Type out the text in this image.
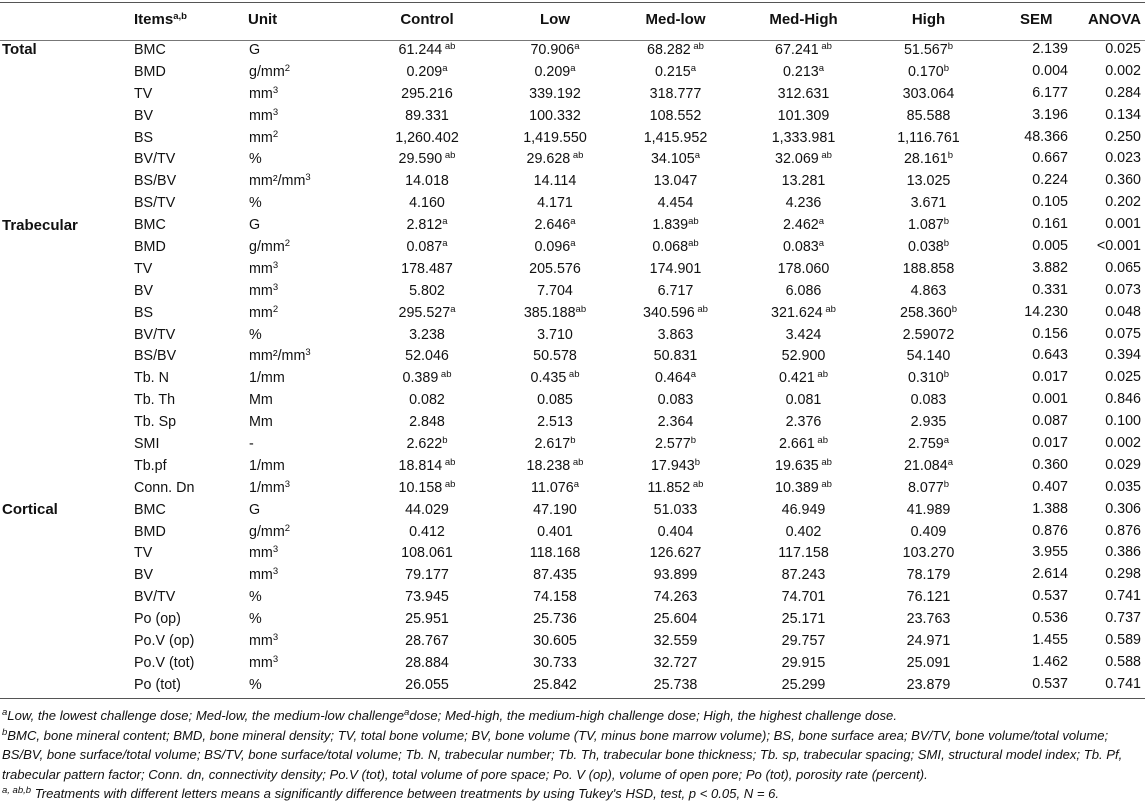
	Items$^{a,b}$	Unit	Control	Low	Med-low	Med-High	High	SEM ANOVA

Total	BMC	G	61.244 $^{ab}$	70.906$^a$	68.282 $^{ab}$	67.241 $^{ab}$	51.567$^b$	2.139 0.025

	BMD	$g/mm^2$	0.209$^a$	0.209$^a$	0.215$^a$	0.213$^a$	0.170$^b$	0.004 0.002

	TV	$mm^3$	295.216	339.192	318.777	312.631	303.064	6.177 0.284

	BV	$mm^3$	89.331	100.332	108.552	101.309	85.588	3.196 0.134

	BS	$mm^2$	1,260.402	1,419.550	1,415.952	1,333.981	1,116.761	48.366 0.250

	BV/TV	%	29.590 $^{ab}$	29.628 $^{ab}$	34.105$^a$	32.069 $^{ab}$	28.161$^b$	0.667 0.023

	BS/BV	mm²/$mm^3$	14.018	14.114	13.047	13.281	13.025	0.224 0.360

	BS/TV	%	4.160	4.171	4.454	4.236	3.671	0.105 0.202

Trabecular	BMC	G	2.812$^a$	2.646$^a$	1.839$^{ab}$	2.462$^a$	1.087$^b$	0.161 0.001

	BMD	$g/mm^2$	0.087$^a$	0.096$^a$	0.068$^{ab}$	0.083$^a$	0.038$^b$	0.005 <0.001

	TV	$mm^3$	178.487	205.576	174.901	178.060	188.858	3.882 0.065

	BV	$mm^3$	5.802	7.704	6.717	6.086	4.863	0.331 0.073

	BS	$mm^2$	295.527$^a$	385.188$^{ab}$	340.596 $^{ab}$	321.624 $^{ab}$	258.360$^b$	14.230 0.048

	BV/TV	%	3.238	3.710	3.863	3.424	2.59072	0.156 0.075

	BS/BV	mm²/$mm^3$	52.046	50.578	50.831	52.900	54.140	0.643 0.394

	Tb. N	1/mm	0.389 $^{ab}$	0.435 $^{ab}$	0.464$^a$	0.421 $^{ab}$	0.310$^b$	0.017 0.025

	Tb. Th	Mm	0.082	0.085	0.083	0.081	0.083	0.001 0.846

	Tb. Sp	Mm	2.848	2.513	2.364	2.376	2.935	0.087 0.100

	SMI	-	2.622$^b$	2.617$^b$	2.577$^b$	2.661 $^{ab}$	2.759$^a$	0.017 0.002

	Tb.pf	1/mm	18.814 $^{ab}$	18.238 $^{ab}$	17.943$^b$	19.635 $^{ab}$	21.084$^a$	0.360 0.029

	Conn. Dn	$1/mm^3$	10.158 $^{ab}$	11.076$^a$	11.852 $^{ab}$	10.389 $^{ab}$	8.077$^b$	0.407 0.035

Cortical	BMC	G	44.029	47.190	51.033	46.949	41.989	1.388 0.306

	BMD	$g/mm^2$	0.412	0.401	0.404	0.402	0.409	0.876 0.876

	TV	$mm^3$	108.061	118.168	126.627	117.158	103.270	3.955 0.386

	BV	$mm^3$	79.177	87.435	93.899	87.243	78.179	2.614 0.298

	BV/TV	%	73.945	74.158	74.263	74.701	76.121	0.537 0.741

	Po (op)	%	25.951	25.736	25.604	25.171	23.763	0.536 0.737

	Po.V (op)	$mm^3$	28.767	30.605	32.559	29.757	24.971	1.455 0.589

	Po.V (tot)	$mm^3$	28.884	30.733	32.727	29.915	25.091	1.462 0.588

	Po (tot)	%	26.055	25.842	25.738	25.299	23.879	0.537 0.741

$^a$Low, the lowest challenge dose; Med-low, the medium-low challenge$^a$dose; Med-high, the medium-high challenge dose; High, the highest challenge dose.

$^b$BMC, bone mineral content; BMD, bone mineral density; TV, total bone volume; BV, bone volume (TV, minus bone marrow volume); BS, bone surface area; BV/TV, bone volume/total volume; BS/BV, bone surface/total volume; BS/TV, bone surface/total volume; Tb. N, trabecular number; Tb. Th, trabecular bone thickness; Tb. sp, trabecular spacing; SMI, structural model index; Tb. Pf, trabecular pattern factor; Conn. dn, connectivity density; Po.V (tot), total volume of pore space; Po. V (op), volume of open pore; Po (tot), porosity rate (percent).

$^{a, ab,b}$ Treatments with different letters means a significantly difference between treatments by using Tukey's HSD, test, p < 0.05, N = 6.
